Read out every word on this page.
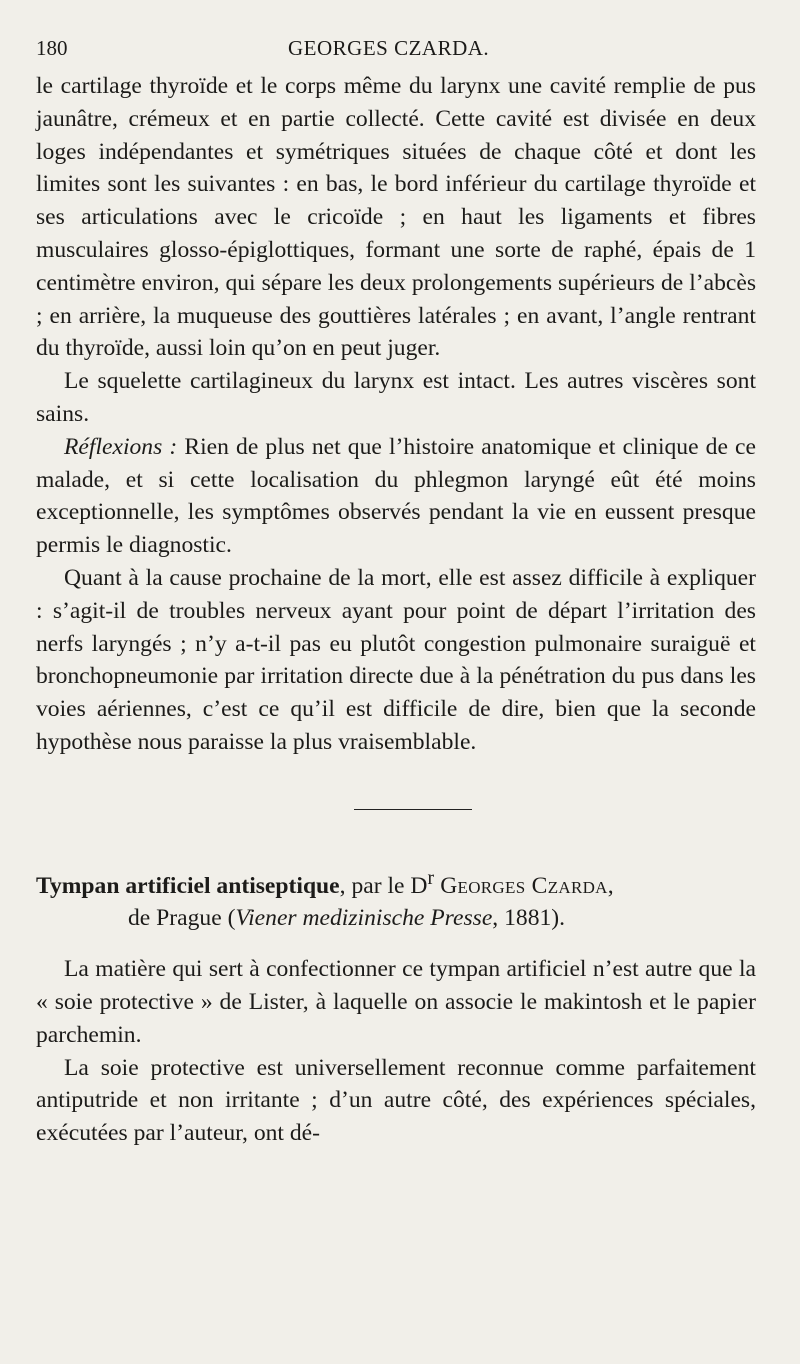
180	GEORGES CZARDA.

le cartilage thyroïde et le corps même du larynx une cavité remplie de pus jaunâtre, crémeux et en partie collecté. Cette cavité est divisée en deux loges indépendantes et symétriques situées de chaque côté et dont les limites sont les suivantes : en bas, le bord inférieur du cartilage thyroïde et ses articulations avec le cricoïde ; en haut les ligaments et fibres musculaires glosso-épiglottiques, formant une sorte de raphé, épais de 1 centimètre environ, qui sépare les deux prolongements supérieurs de l’abcès ; en arrière, la muqueuse des gouttières latérales ; en avant, l’angle rentrant du thyroïde, aussi loin qu’on en peut juger.

Le squelette cartilagineux du larynx est intact. Les autres viscères sont sains.

Réflexions : Rien de plus net que l’histoire anatomique et clinique de ce malade, et si cette localisation du phlegmon laryngé eût été moins exceptionnelle, les symptômes observés pendant la vie en eussent presque permis le diagnostic.

Quant à la cause prochaine de la mort, elle est assez difficile à expliquer : s’agit-il de troubles nerveux ayant pour point de départ l’irritation des nerfs laryngés ; n’y a-t-il pas eu plutôt congestion pulmonaire suraiguë et bronchopneumonie par irritation directe due à la pénétration du pus dans les voies aériennes, c’est ce qu’il est difficile de dire, bien que la seconde hypothèse nous paraisse la plus vraisemblable.

Tympan artificiel antiseptique, par le $D^r$ Georges Czarda,
de Prague (Viener medizinische Presse, 1881).

La matière qui sert à confectionner ce tympan artificiel n’est autre que la « soie protective » de Lister, à laquelle on associe le makintosh et le papier parchemin.

La soie protective est universellement reconnue comme parfaitement antiputride et non irritante ; d’un autre côté, des expériences spéciales, exécutées par l’auteur, ont dé-
